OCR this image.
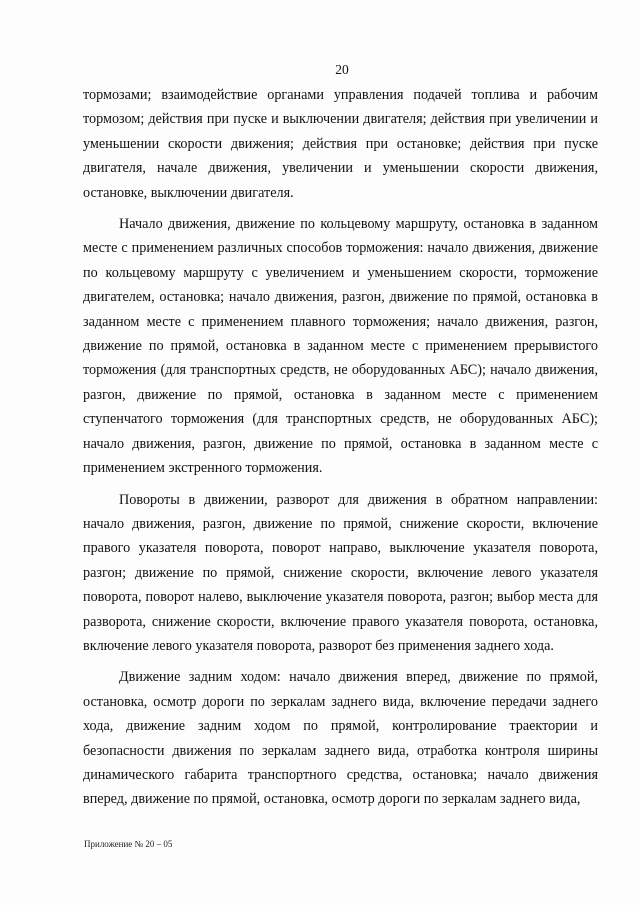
20

тормозами; взаимодействие органами управления подачей топлива и рабочим тормозом; действия при пуске и выключении двигателя; действия при увеличении и уменьшении скорости движения; действия при остановке; действия при пуске двигателя, начале движения, увеличении и уменьшении скорости движения, остановке, выключении двигателя.

Начало движения, движение по кольцевому маршруту, остановка в заданном месте с применением различных способов торможения: начало движения, движение по кольцевому маршруту с увеличением и уменьшением скорости, торможение двигателем, остановка; начало движения, разгон, движение по прямой, остановка в заданном месте с применением плавного торможения; начало движения, разгон, движение по прямой, остановка в заданном месте с применением прерывистого торможения (для транспортных средств, не оборудованных АБС); начало движения, разгон, движение по прямой, остановка в заданном месте с применением ступенчатого торможения (для транспортных средств, не оборудованных АБС); начало движения, разгон, движение по прямой, остановка в заданном месте с применением экстренного торможения.

Повороты в движении, разворот для движения в обратном направлении: начало движения, разгон, движение по прямой, снижение скорости, включение правого указателя поворота, поворот направо, выключение указателя поворота, разгон; движение по прямой, снижение скорости, включение левого указателя поворота, поворот налево, выключение указателя поворота, разгон; выбор места для разворота, снижение скорости, включение правого указателя поворота, остановка, включение левого указателя поворота, разворот без применения заднего хода.

Движение задним ходом: начало движения вперед, движение по прямой, остановка, осмотр дороги по зеркалам заднего вида, включение передачи заднего хода, движение задним ходом по прямой, контролирование траектории и безопасности движения по зеркалам заднего вида, отработка контроля ширины динамического габарита транспортного средства, остановка; начало движения вперед, движение по прямой, остановка, осмотр дороги по зеркалам заднего вида,

Приложение № 20 – 05
